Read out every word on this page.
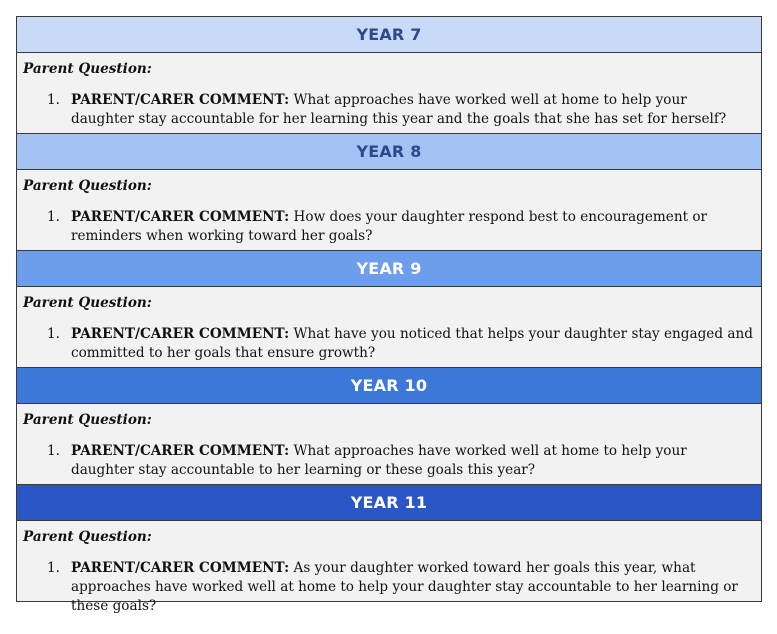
YEAR 7
Parent Question:
1. PARENT/CARER COMMENT: What approaches have worked well at home to help your daughter stay accountable for her learning this year and the goals that she has set for herself?
YEAR 8
Parent Question:
1. PARENT/CARER COMMENT: How does your daughter respond best to encouragement or reminders when working toward her goals?
YEAR 9
Parent Question:
1. PARENT/CARER COMMENT: What have you noticed that helps your daughter stay engaged and committed to her goals that ensure growth?
YEAR 10
Parent Question:
1. PARENT/CARER COMMENT: What approaches have worked well at home to help your daughter stay accountable to her learning or these goals this year?
YEAR 11
Parent Question:
1. PARENT/CARER COMMENT: As your daughter worked toward her goals this year, what approaches have worked well at home to help your daughter stay accountable to her learning or these goals?
